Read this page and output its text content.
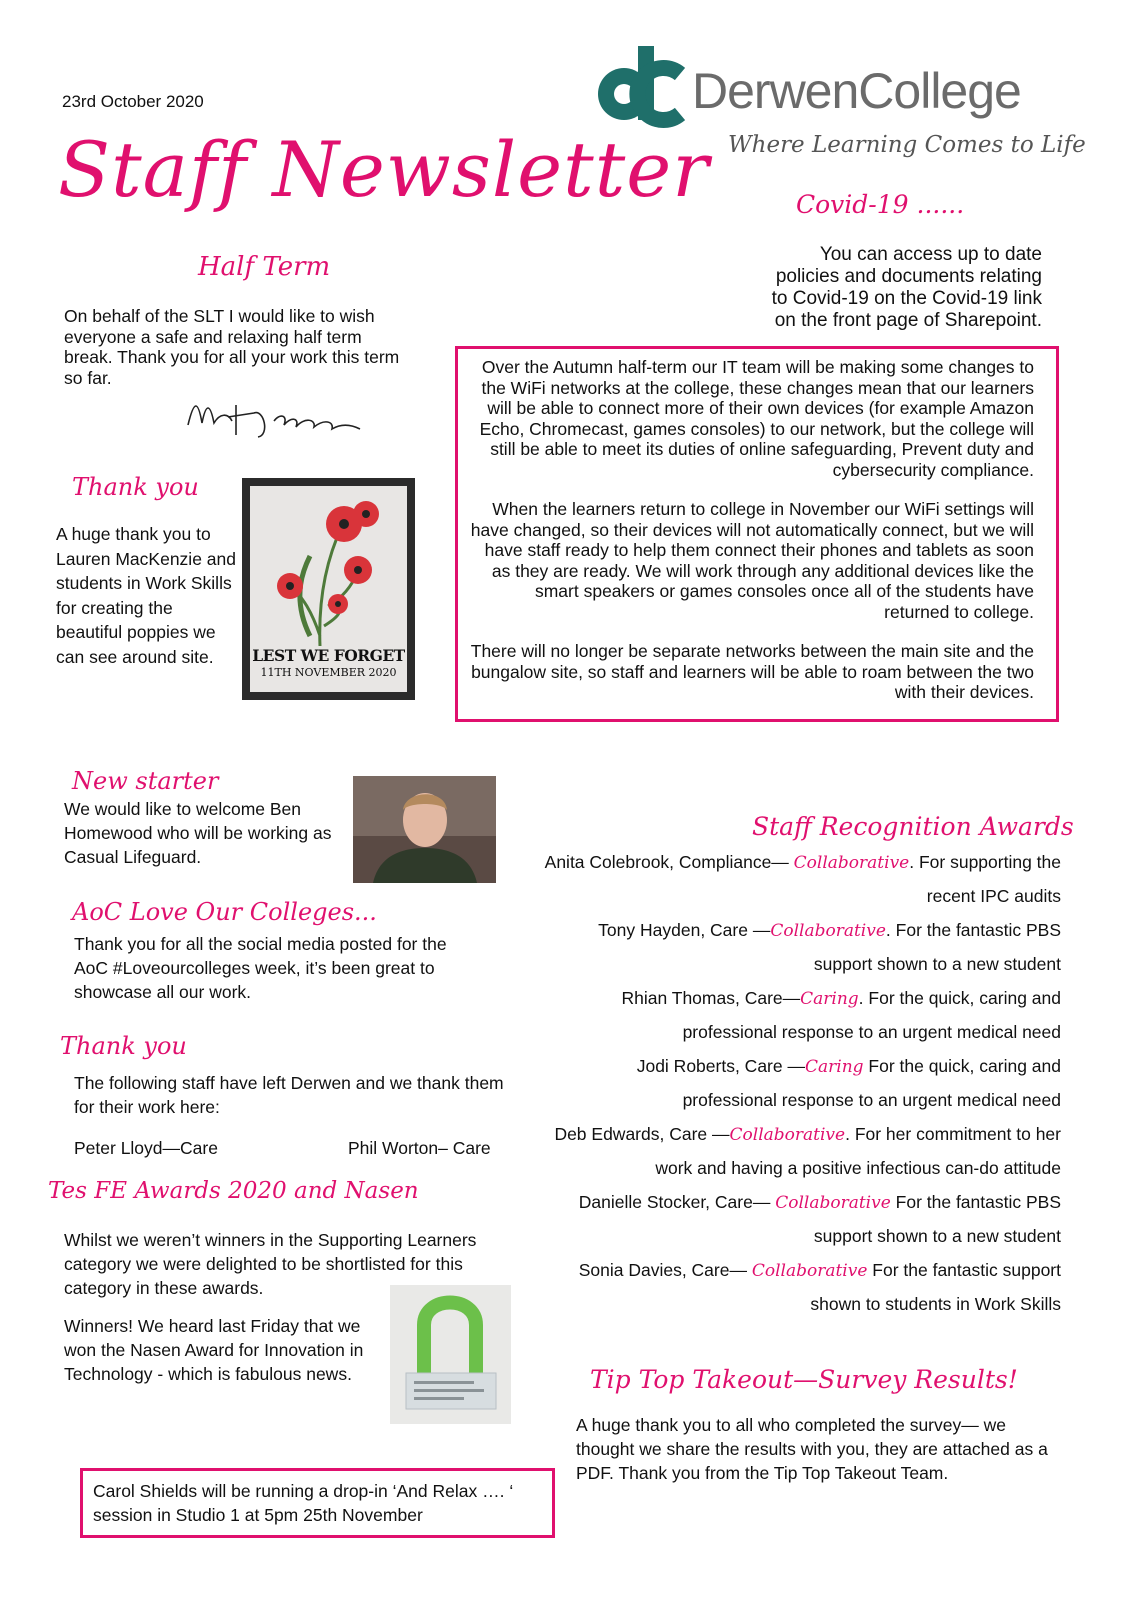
23rd October 2020
Staff Newsletter
DerwenCollege
Where Learning Comes to Life
Covid-19 ......
You can access up to date
policies and documents relating
to Covid-19 on the Covid-19 link
on the front page of Sharepoint.

Over the Autumn half-term our IT team will be making some changes to the WiFi networks at the college, these changes mean that our learners will be able to connect more of their own devices (for example Amazon Echo, Chromecast, games consoles) to our network, but the college will still be able to meet its duties of online safeguarding, Prevent duty and cybersecurity compliance.

When the learners return to college in November our WiFi settings will have changed, so their devices will not automatically connect, but we will have staff ready to help them connect their phones and tablets as soon as they are ready. We will work through any additional devices like the smart speakers or games consoles once all of the students have returned to college.

There will no longer be separate networks between the main site and the bungalow site, so staff and learners will be able to roam between the two with their devices.

Half Term
On behalf of the SLT I would like to wish everyone a safe and relaxing half term break. Thank you for all your work this term so far.
Thank you
A huge thank you to Lauren MacKenzie and students in Work Skills for creating the beautiful poppies we can see around site.	LEST WE FORGET
11TH NOVEMBER 2020
New starter
We would like to welcome Ben Homewood who will be working as Casual Lifeguard.
AoC Love Our Colleges...
Thank you for all the social media posted for the AoC #Loveourcolleges week, it’s been great to showcase all our work.
Thank you
The following staff have left Derwen and we thank them for their work here:
Peter Lloyd—Care	Phil Worton– Care
Tes FE Awards 2020 and Nasen
Whilst we weren’t winners in the Supporting Learners category we were delighted to be shortlisted for this category in these awards.
Winners! We heard last Friday that we won the Nasen Award for Innovation in Technology - which is fabulous news.
Carol Shields will be running a drop-in ‘And Relax …. ‘ session in Studio 1 at 5pm 25th November
Staff Recognition Awards
Anita Colebrook, Compliance— Collaborative. For supporting the recent IPC audits
Tony Hayden, Care —Collaborative. For the fantastic PBS support shown to a new student
Rhian Thomas, Care—Caring. For the quick, caring and professional response to an urgent medical need
Jodi Roberts, Care —Caring For the quick, caring and professional response to an urgent medical need
Deb Edwards, Care —Collaborative. For her commitment to her work and having a positive infectious can-do attitude
Danielle Stocker, Care— Collaborative For the fantastic PBS support shown to a new student
Sonia Davies, Care— Collaborative For the fantastic support shown to students in Work Skills
Tip Top Takeout—Survey Results!
A huge thank you to all who completed the survey— we thought we share the results with you, they are attached as a PDF. Thank you from the Tip Top Takeout Team.
